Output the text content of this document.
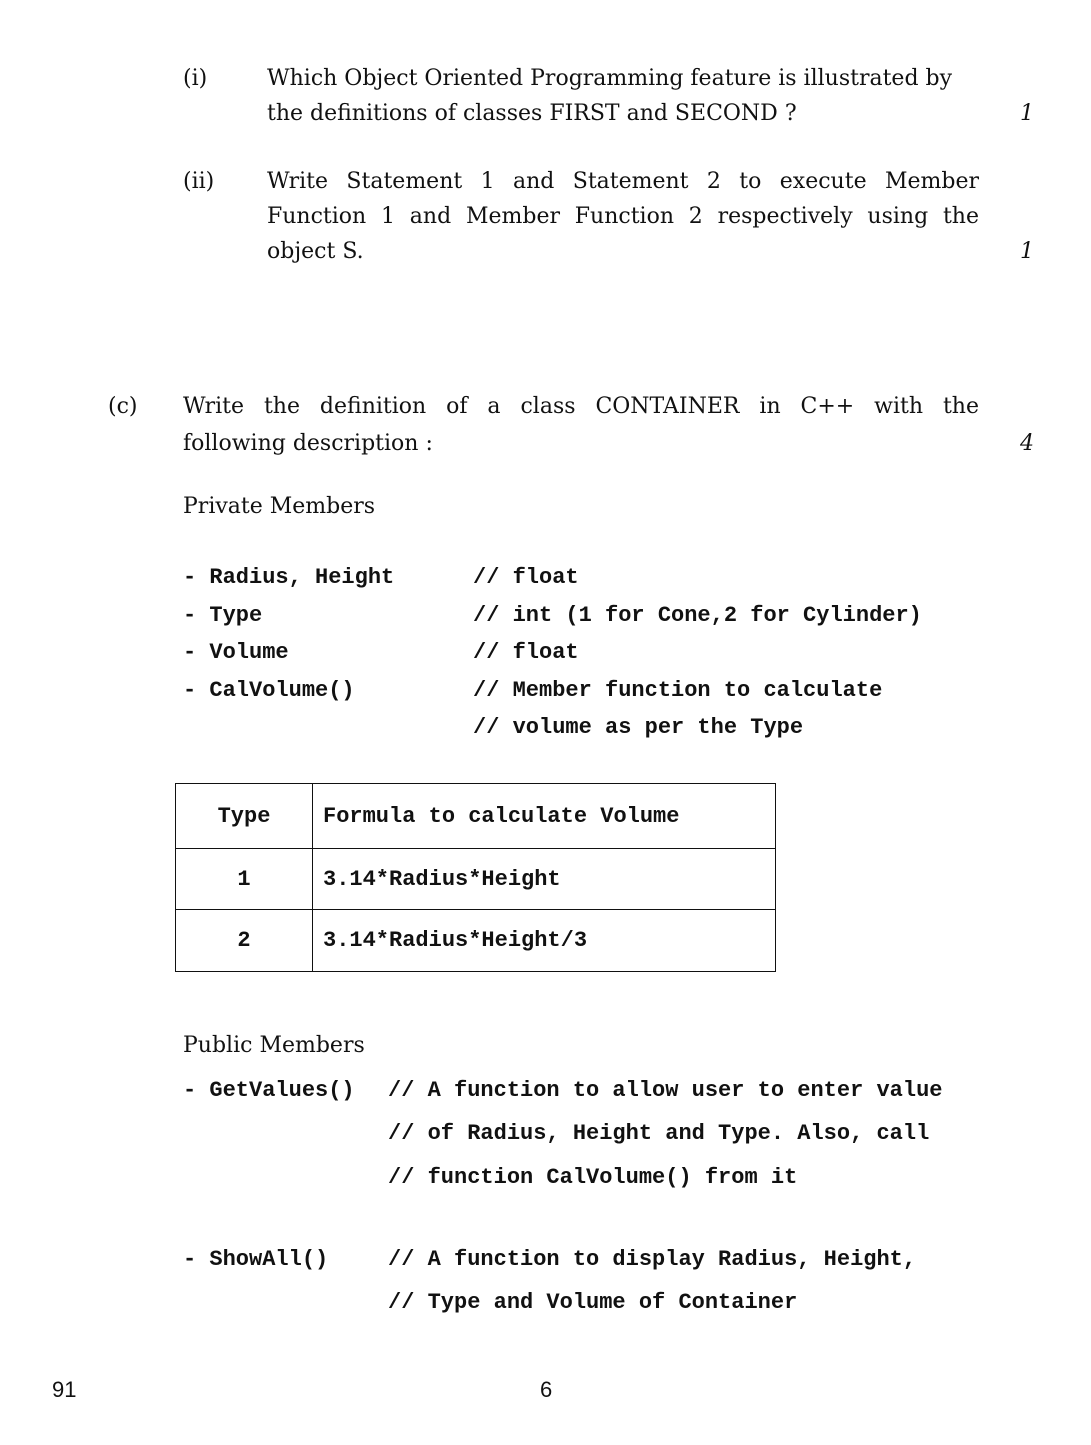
(i)	Which Object Oriented Programming feature is illustrated by
the definitions of classes FIRST and SECOND ?	1
(ii) Write Statement 1 and Statement 2 to execute Member
Function 1 and Member Function 2 respectively using the
object S.	1
(c) Write the definition of a class CONTAINER in C++ with the
following description :	4
Private Members
- Radius, Height	// float
- Type	// int (1 for Cone,2 for Cylinder)
- Volume	// float
- CalVolume()	// Member function to calculate
// volume as per the Type
Type	Formula to calculate Volume
1	3.14*Radius*Height
2	3.14*Radius*Height/3
Public Members
- GetValues() // A function to allow user to enter value
// of Radius, Height and Type. Also, call
// function CalVolume() from it
- ShowAll()	// A function to display Radius, Height,
// Type and Volume of Container
91	6
